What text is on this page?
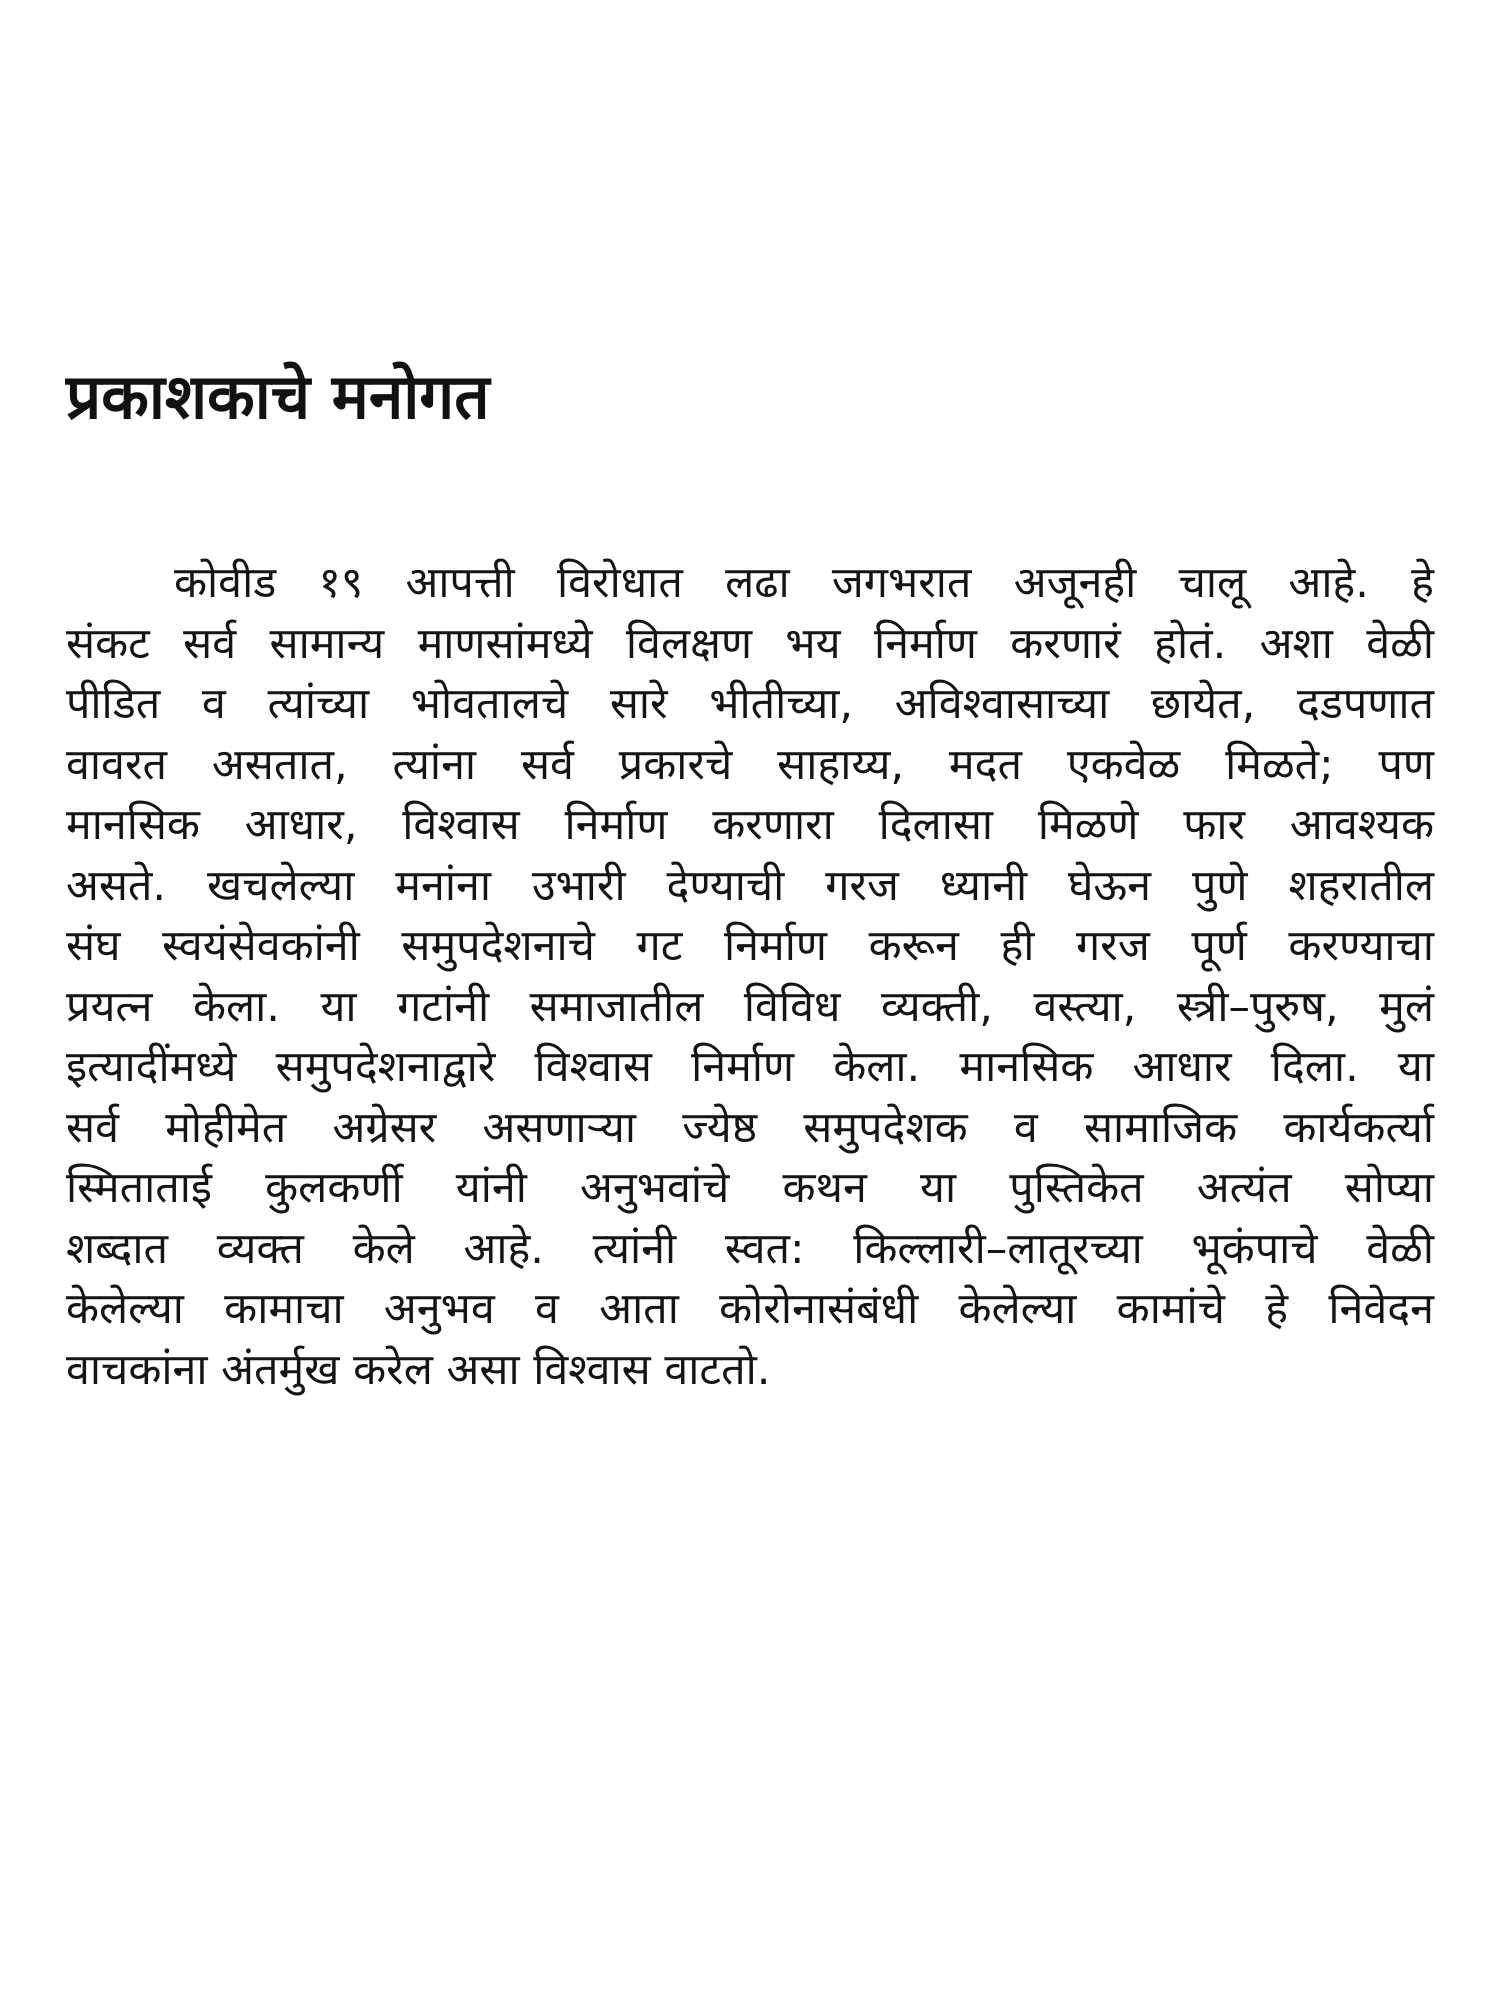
प्रकाशकाचे मनोगत
कोवीड १९ आपत्ती विरोधात लढा जगभरात अजूनही चालू आहे. हे
संकट सर्व सामान्य माणसांमध्ये विलक्षण भय निर्माण करणारं होतं. अशा वेळी
पीडित व त्यांच्या भोवतालचे सारे भीतीच्या, अविश्वासाच्या छायेत, दडपणात
वावरत असतात, त्यांना सर्व प्रकारचे साहाय्य, मदत एकवेळ मिळते; पण
मानसिक आधार, विश्वास निर्माण करणारा दिलासा मिळणे फार आवश्यक
असते. खचलेल्या मनांना उभारी देण्याची गरज ध्यानी घेऊन पुणे शहरातील
संघ स्वयंसेवकांनी समुपदेशनाचे गट निर्माण करून ही गरज पूर्ण करण्याचा
प्रयत्न केला. या गटांनी समाजातील विविध व्यक्ती, वस्त्या, स्त्री–पुरुष, मुलं
इत्यादींमध्ये समुपदेशनाद्वारे विश्वास निर्माण केला. मानसिक आधार दिला. या
सर्व मोहीमेत अग्रेसर असणाऱ्या ज्येष्ठ समुपदेशक व सामाजिक कार्यकर्त्या
स्मिताताई कुलकर्णी यांनी अनुभवांचे कथन या पुस्तिकेत अत्यंत सोप्या
शब्दात व्यक्त केले आहे. त्यांनी स्वत: किल्लारी–लातूरच्या भूकंपाचे वेळी
केलेल्या कामाचा अनुभव व आता कोरोनासंबंधी केलेल्या कामांचे हे निवेदन
वाचकांना अंतर्मुख करेल असा विश्वास वाटतो.
